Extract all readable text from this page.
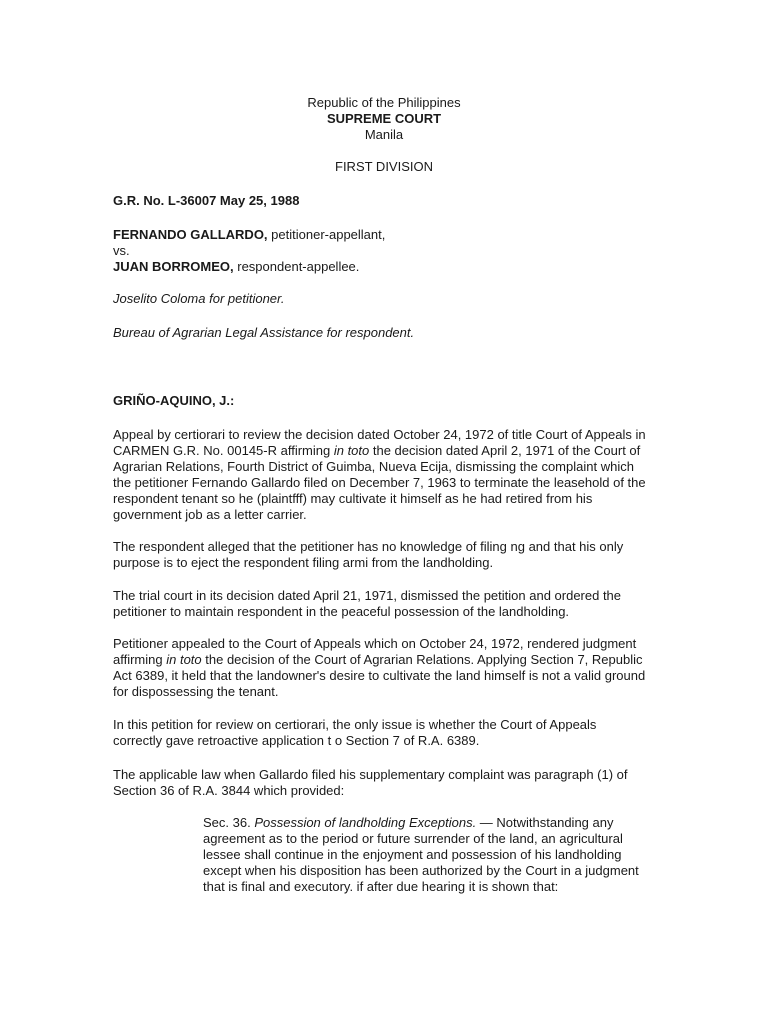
Republic of the Philippines
SUPREME COURT
Manila
FIRST DIVISION
G.R. No. L-36007 May 25, 1988
FERNANDO GALLARDO, petitioner-appellant,
vs.
JUAN BORROMEO, respondent-appellee.
Joselito Coloma for petitioner.
Bureau of Agrarian Legal Assistance for respondent.
GRIÑO-AQUINO, J.:
Appeal by certiorari to review the decision dated October 24, 1972 of title Court of Appeals in
CARMEN G.R. No. 00145-R affirming in toto the decision dated April 2, 1971 of the Court of
Agrarian Relations, Fourth District of Guimba, Nueva Ecija, dismissing the complaint which
the petitioner Fernando Gallardo filed on December 7, 1963 to terminate the leasehold of the
respondent tenant so he (plaintfff) may cultivate it himself as he had retired from his
government job as a letter carrier.
The respondent alleged that the petitioner has no knowledge of filing ng and that his only
purpose is to eject the respondent filing armi from the landholding.
The trial court in its decision dated April 21, 1971, dismissed the petition and ordered the
petitioner to maintain respondent in the peaceful possession of the landholding.
Petitioner appealed to the Court of Appeals which on October 24, 1972, rendered judgment
affirming in toto the decision of the Court of Agrarian Relations. Applying Section 7, Republic
Act 6389, it held that the landowner's desire to cultivate the land himself is not a valid ground
for dispossessing the tenant.
In this petition for review on certiorari, the only issue is whether the Court of Appeals
correctly gave retroactive application t o Section 7 of R.A. 6389.
The applicable law when Gallardo filed his supplementary complaint was paragraph (1) of
Section 36 of R.A. 3844 which provided:
Sec. 36. Possession of landholding Exceptions. — Notwithstanding any
agreement as to the period or future surrender of the land, an agricultural
lessee shall continue in the enjoyment and possession of his landholding
except when his disposition has been authorized by the Court in a judgment
that is final and executory. if after due hearing it is shown that:
